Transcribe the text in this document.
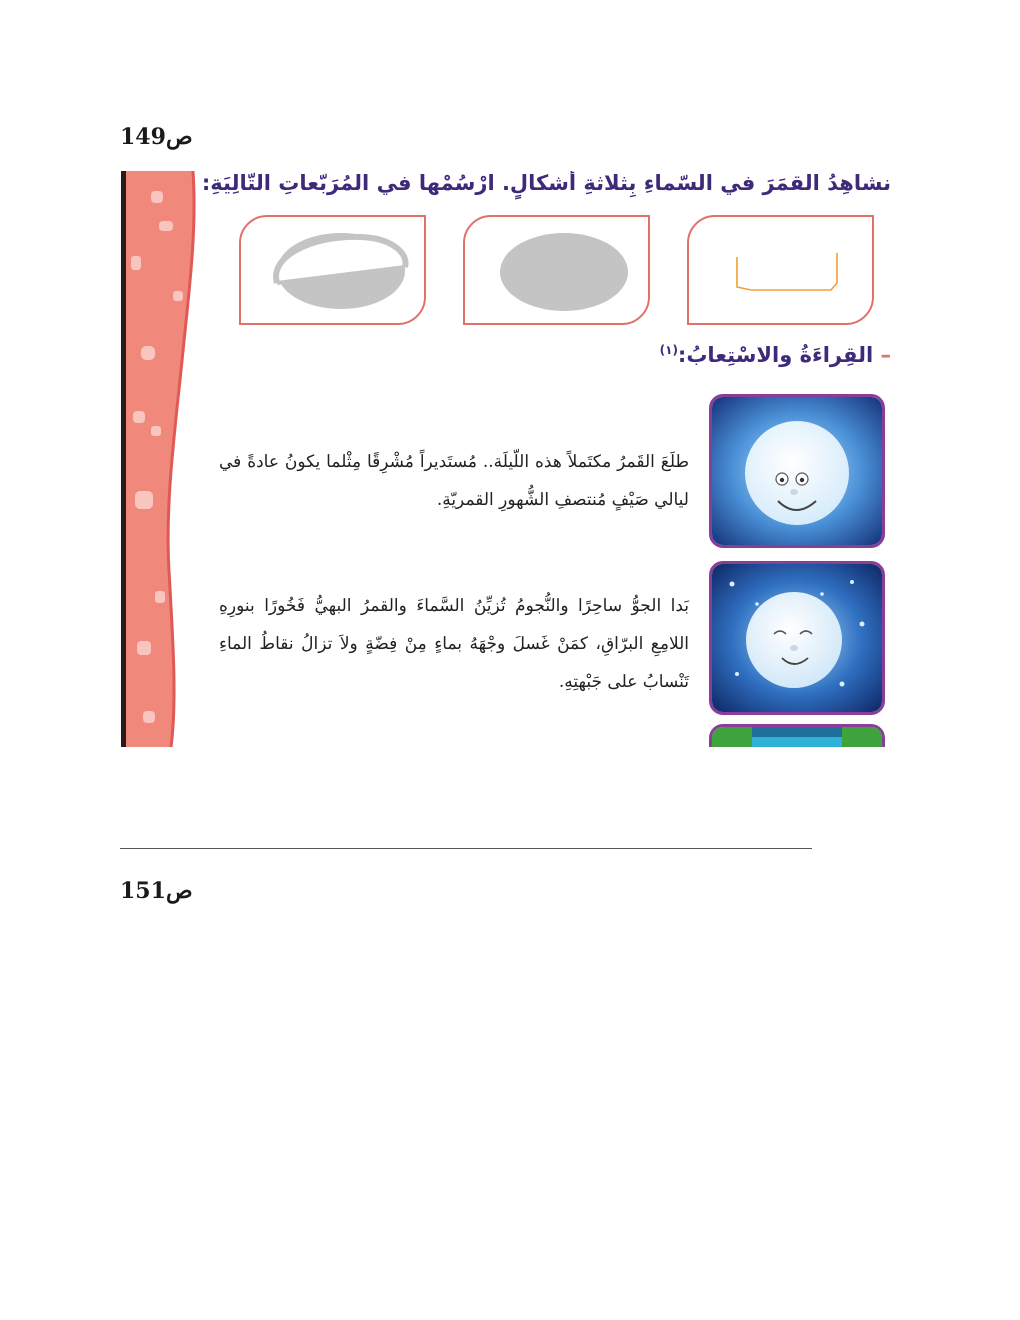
ص149
نشاهِدُ القمَرَ في السّماءِ بِثلاثةِ أشكالٍ. ارْسُمْها في المُرَبّعاتِ التّالِيَةِ:
– القِراءَةُ والاسْتِعابُ:$^{(١)}$
طلَعَ القَمرُ مكتَملاً هذه اللّيلَة.. مُستَديراً مُشْرِقًا مِثْلما يكونُ عادةً في ليالي صَيْفٍ مُنتصفِ الشُّهورِ القمريّةِ.
بَدا الجوُّ ساحِرًا والنُّجومُ تُزيِّنُ السَّماءَ والقمرُ البهيُّ فَخُورًا بنورِهِ اللامِعِ البرّاقِ، كمَنْ غَسلَ وجْهَهُ بماءٍ مِنْ فِضّةٍ ولاَ تزالُ نقاطُ الماءِ تَنْسابُ على جَبْهتِهِ.
ص151
